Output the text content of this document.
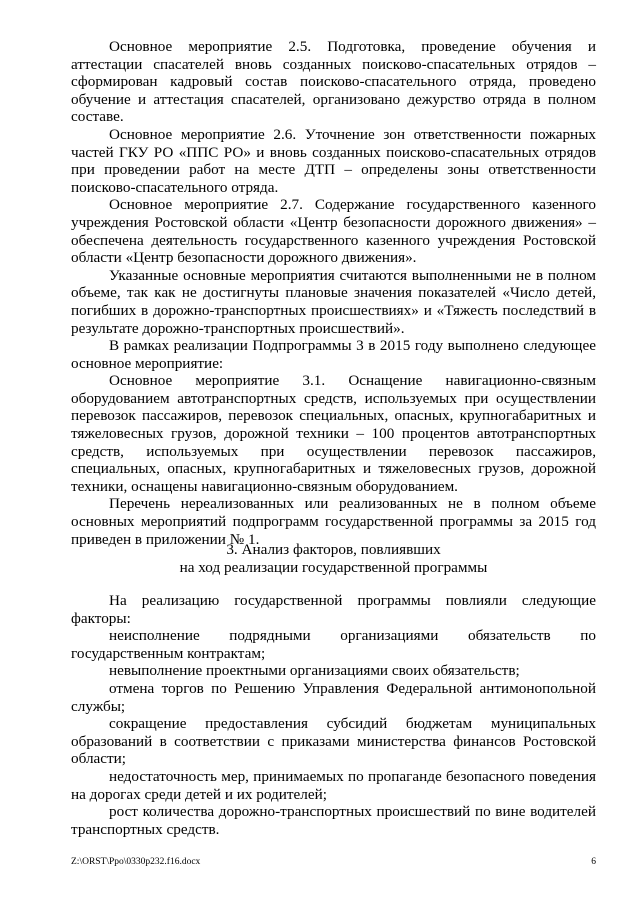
Основное мероприятие 2.5. Подготовка, проведение обучения и аттестации спасателей вновь созданных поисково-спасательных отрядов – сформирован кадровый состав поисково-спасательного отряда, проведено обучение и аттестация спасателей, организовано дежурство отряда в полном составе.

Основное мероприятие 2.6. Уточнение зон ответственности пожарных частей ГКУ РО «ППС РО» и вновь созданных поисково-спасательных отрядов при проведении работ на месте ДТП – определены зоны ответственности поисково-спасательного отряда.

Основное мероприятие 2.7. Содержание государственного казенного учреждения Ростовской области «Центр безопасности дорожного движения» – обеспечена деятельность государственного казенного учреждения Ростовской области «Центр безопасности дорожного движения».

Указанные основные мероприятия считаются выполненными не в полном объеме, так как не достигнуты плановые значения показателей «Число детей, погибших в дорожно-транспортных происшествиях» и «Тяжесть последствий в результате дорожно-транспортных происшествий».

В рамках реализации Подпрограммы 3 в 2015 году выполнено следующее основное мероприятие:

Основное мероприятие 3.1. Оснащение навигационно-связным оборудованием автотранспортных средств, используемых при осуществлении перевозок пассажиров, перевозок специальных, опасных, крупногабаритных и тяжеловесных грузов, дорожной техники – 100 процентов автотранспортных средств, используемых при осуществлении перевозок пассажиров, специальных, опасных, крупногабаритных и тяжеловесных грузов, дорожной техники, оснащены навигационно-связным оборудованием.

Перечень нереализованных или реализованных не в полном объеме основных мероприятий подпрограмм государственной программы за 2015 год приведен в приложении № 1.

3. Анализ факторов, повлиявших
на ход реализации государственной программы

На реализацию государственной программы повлияли следующие факторы:

неисполнение подрядными организациями обязательств по государственным контрактам;

невыполнение проектными организациями своих обязательств;

отмена торгов по Решению Управления Федеральной антимонопольной службы;

сокращение предоставления субсидий бюджетам муниципальных образований в соответствии с приказами министерства финансов Ростовской области;

недостаточность мер, принимаемых по пропаганде безопасного поведения на дорогах среди детей и их родителей;

рост количества дорожно-транспортных происшествий по вине водителей транспортных средств.

Z:\ORST\Ppo\0330p232.f16.docx	6
